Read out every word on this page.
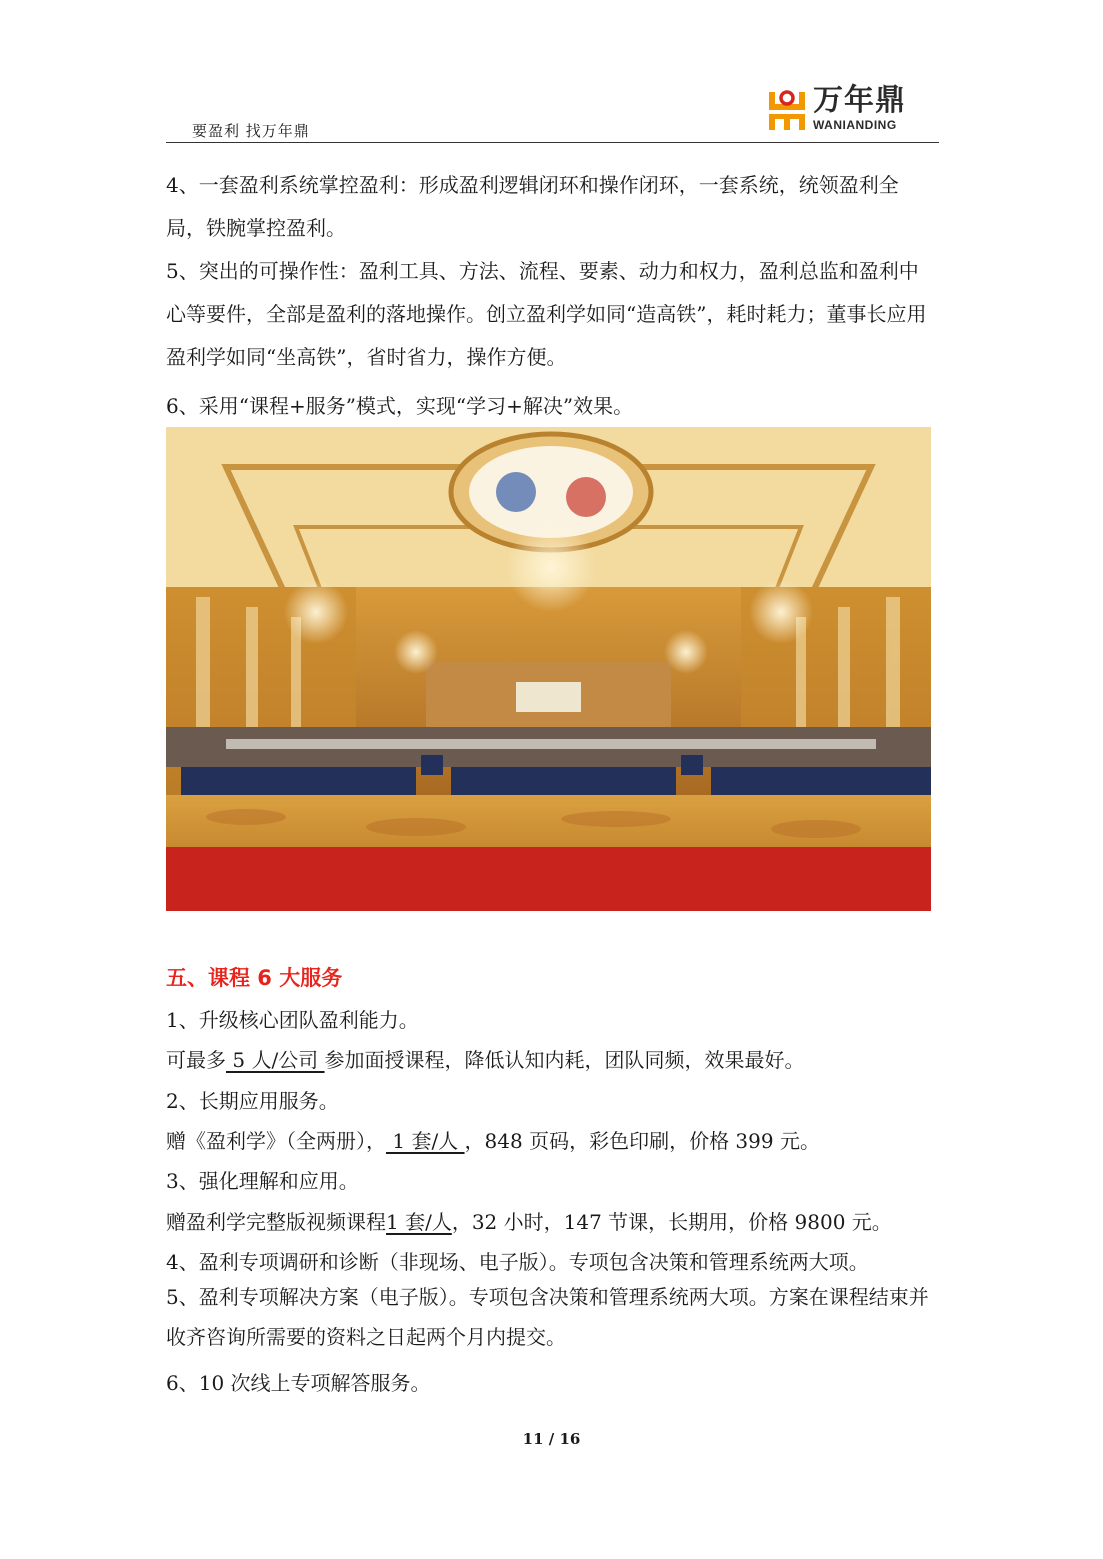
要盈利 找万年鼎
万年鼎
WANIANDING
4、一套盈利系统掌控盈利：形成盈利逻辑闭环和操作闭环，一套系统，统领盈利全局，铁腕掌控盈利。
5、突出的可操作性：盈利工具、方法、流程、要素、动力和权力，盈利总监和盈利中心等要件，全部是盈利的落地操作。创立盈利学如同“造高铁”，耗时耗力；董事长应用盈利学如同“坐高铁”，省时省力，操作方便。
6、采用“课程+服务”模式，实现“学习+解决”效果。
五、课程 6 大服务
1、升级核心团队盈利能力。
可最多 5 人/公司 参加面授课程，降低认知内耗，团队同频，效果最好。
2、长期应用服务。
赠《盈利学》（全两册）， 1 套/人 ，848 页码，彩色印刷，价格 399 元。
3、强化理解和应用。
赠盈利学完整版视频课程1 套/人，32 小时，147 节课，长期用，价格 9800 元。
4、盈利专项调研和诊断（非现场、电子版）。专项包含决策和管理系统两大项。
5、盈利专项解决方案（电子版）。专项包含决策和管理系统两大项。方案在课程结束并收齐咨询所需要的资料之日起两个月内提交。
6、10 次线上专项解答服务。
11 / 16
